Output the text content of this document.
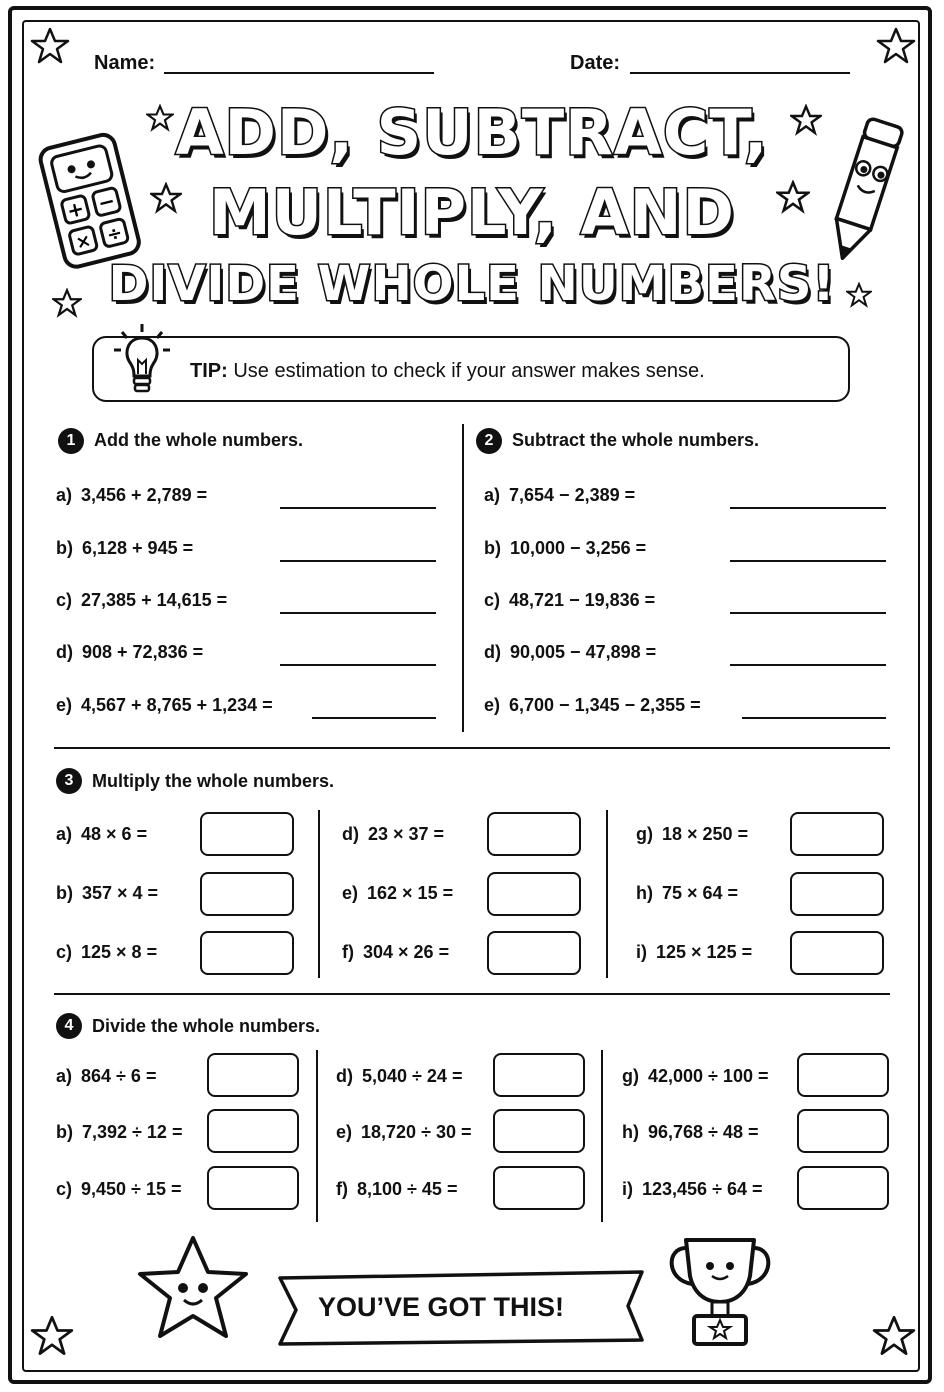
Name:	Date:
ADD, SUBTRACT,
MULTIPLY, AND
DIVIDE WHOLE NUMBERS!
+ −
× ÷
TIP: Use estimation to check if your answer makes sense.
1	Add the whole numbers.
a) 3,456 + 2,789 =
b) 6,128 + 945 =
c) 27,385 + 14,615 =
d) 908 + 72,836 =
e) 4,567 + 8,765 + 1,234 =
2	Subtract the whole numbers.
a) 7,654 − 2,389 =
b) 10,000 − 3,256 =
c) 48,721 − 19,836 =
d) 90,005 − 47,898 =
e) 6,700 − 1,345 − 2,355 =
3	Multiply the whole numbers.
a) 48 × 6 =
b) 357 × 4 =
c) 125 × 8 =
d) 23 × 37 =
e) 162 × 15 =
f) 304 × 26 =
g) 18 × 250 =
h) 75 × 64 =
i) 125 × 125 =
4	Divide the whole numbers.
a) 864 ÷ 6 =
b) 7,392 ÷ 12 =
c) 9,450 ÷ 15 =
d) 5,040 ÷ 24 =
e) 18,720 ÷ 30 =
f) 8,100 ÷ 45 =
g) 42,000 ÷ 100 =
h) 96,768 ÷ 48 =
i) 123,456 ÷ 64 =
YOU’VE GOT THIS!
